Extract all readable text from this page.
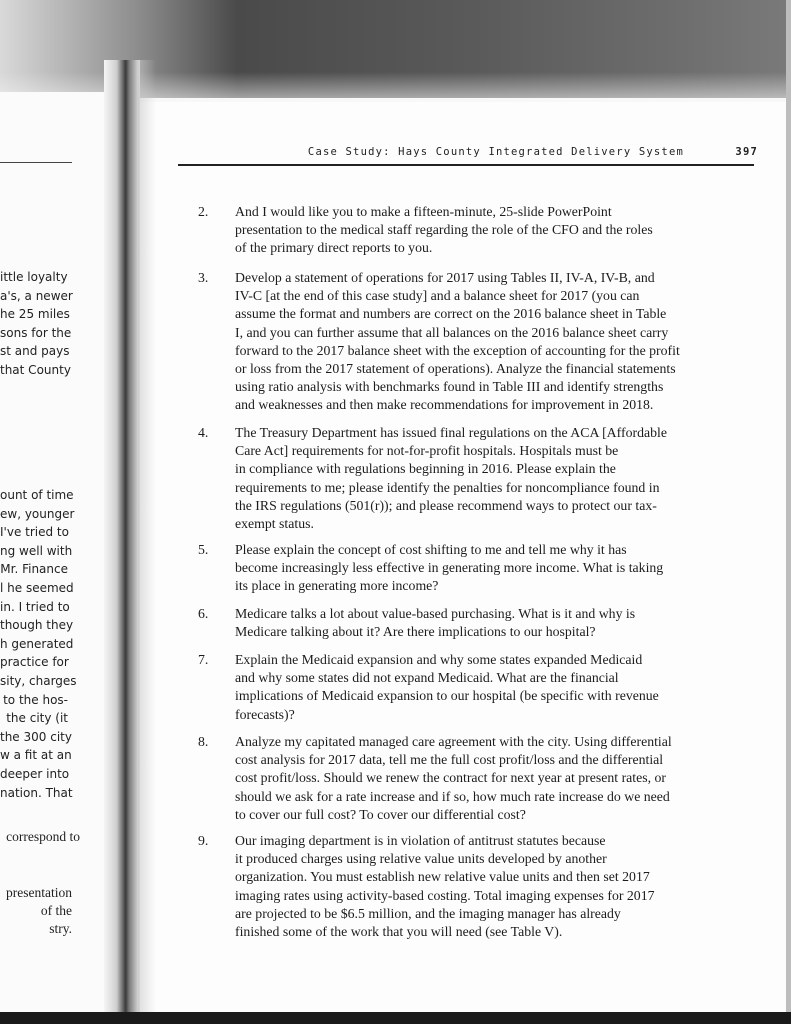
ittle loyalty
a's, a newer
he 25 miles
sons for the
st and pays
that County
ount of time
ew, younger
I've tried to
ng well with
Mr. Finance
l he seemed
in. I tried to
though they
h generated
practice for
sity, charges
to the hos-
the city (it
the 300 city
w a fit at an
deeper into
nation. That
correspond to
presentation
of the
stry.
Case Study: Hays County Integrated Delivery System	397
2.	And I would like you to make a fifteen-minute, 25-slide PowerPoint
presentation to the medical staff regarding the role of the CFO and the roles
of the primary direct reports to you.
3.	Develop a statement of operations for 2017 using Tables II, IV-A, IV-B, and
IV-C [at the end of this case study] and a balance sheet for 2017 (you can
assume the format and numbers are correct on the 2016 balance sheet in Table
I, and you can further assume that all balances on the 2016 balance sheet carry
forward to the 2017 balance sheet with the exception of accounting for the profit
or loss from the 2017 statement of operations). Analyze the financial statements
using ratio analysis with benchmarks found in Table III and identify strengths
and weaknesses and then make recommendations for improvement in 2018.
4.	The Treasury Department has issued final regulations on the ACA [Affordable
Care Act] requirements for not-for-profit hospitals. Hospitals must be
in compliance with regulations beginning in 2016. Please explain the
requirements to me; please identify the penalties for noncompliance found in
the IRS regulations (501(r)); and please recommend ways to protect our tax-
exempt status.
5.	Please explain the concept of cost shifting to me and tell me why it has
become increasingly less effective in generating more income. What is taking
its place in generating more income?
6.	Medicare talks a lot about value-based purchasing. What is it and why is
Medicare talking about it? Are there implications to our hospital?
7.	Explain the Medicaid expansion and why some states expanded Medicaid
and why some states did not expand Medicaid. What are the financial
implications of Medicaid expansion to our hospital (be specific with revenue
forecasts)?
8.	Analyze my capitated managed care agreement with the city. Using differential
cost analysis for 2017 data, tell me the full cost profit/loss and the differential
cost profit/loss. Should we renew the contract for next year at present rates, or
should we ask for a rate increase and if so, how much rate increase do we need
to cover our full cost? To cover our differential cost?
9.	Our imaging department is in violation of antitrust statutes because
it produced charges using relative value units developed by another
organization. You must establish new relative value units and then set 2017
imaging rates using activity-based costing. Total imaging expenses for 2017
are projected to be $6.5 million, and the imaging manager has already
finished some of the work that you will need (see Table V).
